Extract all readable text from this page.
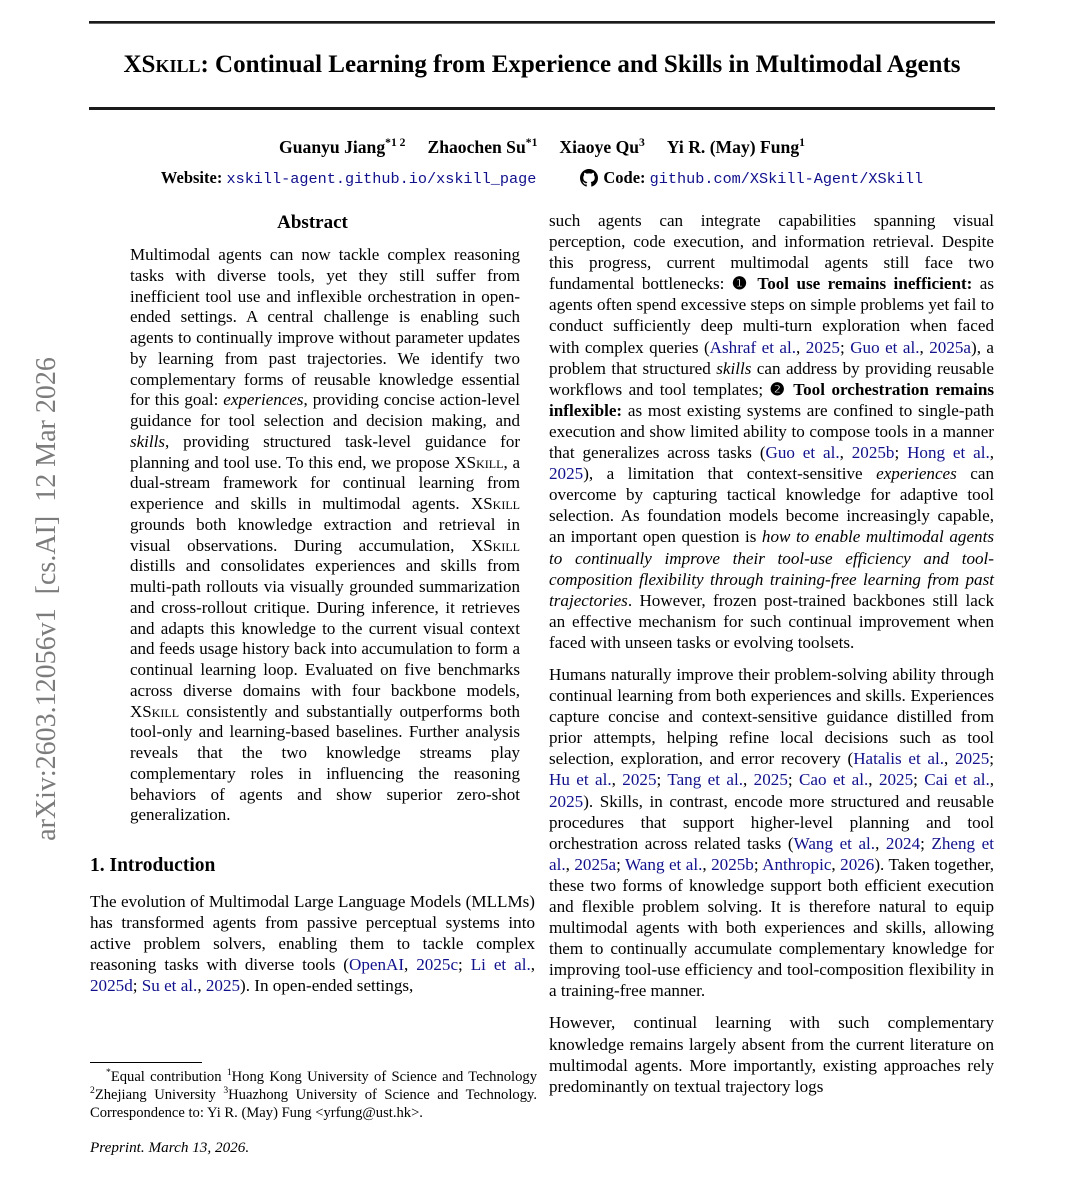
XSkill: Continual Learning from Experience and Skills in Multimodal Agents
Guanyu Jiang$^{*1 2}$ Zhaochen Su$^{*1}$ Xiaoye Qu$^3$ Yi R. (May) Fung$^1$
Website: xskill-agent.github.io/xskill_page	Code: github.com/XSkill-Agent/XSkill
arXiv:2603.12056v1  [cs.AI]  12 Mar 2026
Abstract
Multimodal agents can now tackle complex reasoning tasks with diverse tools, yet they still suffer from inefficient tool use and inflexible orchestration in open-ended settings. A central challenge is enabling such agents to continually improve without parameter updates by learning from past trajectories. We identify two complementary forms of reusable knowledge essential for this goal: experiences, providing concise action-level guidance for tool selection and decision making, and skills, providing structured task-level guidance for planning and tool use. To this end, we propose XSkill, a dual-stream framework for continual learning from experience and skills in multimodal agents. XSkill grounds both knowledge extraction and retrieval in visual observations. During accumulation, XSkill distills and consolidates experiences and skills from multi-path rollouts via visually grounded summarization and cross-rollout critique. During inference, it retrieves and adapts this knowledge to the current visual context and feeds usage history back into accumulation to form a continual learning loop. Evaluated on five benchmarks across diverse domains with four backbone models, XSkill consistently and substantially outperforms both tool-only and learning-based baselines. Further analysis reveals that the two knowledge streams play complementary roles in influencing the reasoning behaviors of agents and show superior zero-shot generalization.
1. Introduction

The evolution of Multimodal Large Language Models (MLLMs) has transformed agents from passive perceptual systems into active problem solvers, enabling them to tackle complex reasoning tasks with diverse tools (OpenAI, 2025c; Li et al., 2025d; Su et al., 2025). In open-ended settings,

such agents can integrate capabilities spanning visual perception, code execution, and information retrieval. Despite this progress, current multimodal agents still face two fundamental bottlenecks: ❶ Tool use remains inefficient: as agents often spend excessive steps on simple problems yet fail to conduct sufficiently deep multi-turn exploration when faced with complex queries (Ashraf et al., 2025; Guo et al., 2025a), a problem that structured skills can address by providing reusable workflows and tool templates; ❷ Tool orchestration remains inflexible: as most existing systems are confined to single-path execution and show limited ability to compose tools in a manner that generalizes across tasks (Guo et al., 2025b; Hong et al., 2025), a limitation that context-sensitive experiences can overcome by capturing tactical knowledge for adaptive tool selection. As foundation models become increasingly capable, an important open question is how to enable multimodal agents to continually improve their tool-use efficiency and tool-composition flexibility through training-free learning from past trajectories. However, frozen post-trained backbones still lack an effective mechanism for such continual improvement when faced with unseen tasks or evolving toolsets.

Humans naturally improve their problem-solving ability through continual learning from both experiences and skills. Experiences capture concise and context-sensitive guidance distilled from prior attempts, helping refine local decisions such as tool selection, exploration, and error recovery (Hatalis et al., 2025; Hu et al., 2025; Tang et al., 2025; Cao et al., 2025; Cai et al., 2025). Skills, in contrast, encode more structured and reusable procedures that support higher-level planning and tool orchestration across related tasks (Wang et al., 2024; Zheng et al., 2025a; Wang et al., 2025b; Anthropic, 2026). Taken together, these two forms of knowledge support both efficient execution and flexible problem solving. It is therefore natural to equip multimodal agents with both experiences and skills, allowing them to continually accumulate complementary knowledge for improving tool-use efficiency and tool-composition flexibility in a training-free manner.

However, continual learning with such complementary knowledge remains largely absent from the current literature on multimodal agents. More importantly, existing approaches rely predominantly on textual trajectory logs

*Equal contribution $^1$Hong Kong University of Science and Technology $^2$Zhejiang University $^3$Huazhong University of Science and Technology. Correspondence to: Yi R. (May) Fung <yrfung@ust.hk>.
Preprint. March 13, 2026.
